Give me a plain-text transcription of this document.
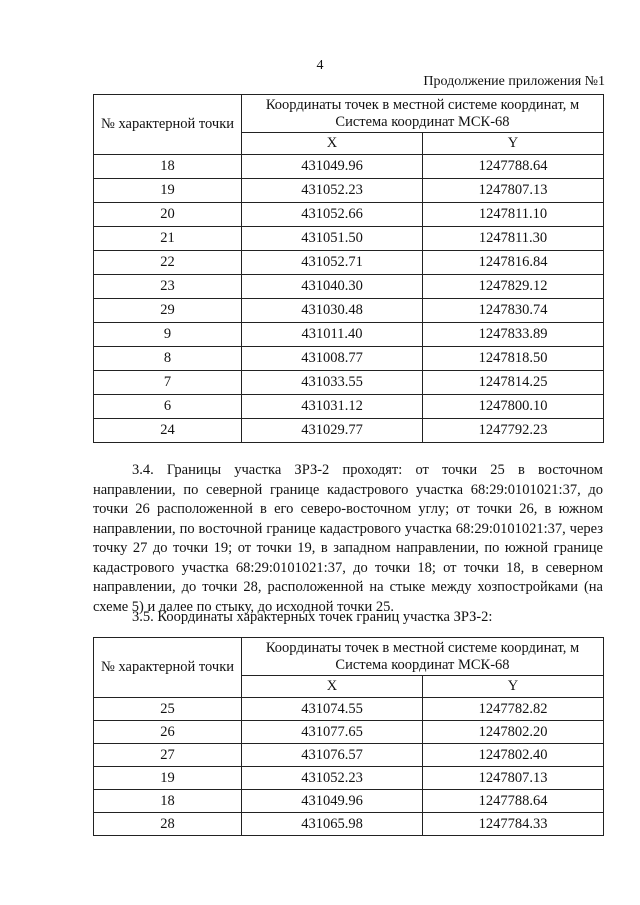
4
Продолжение приложения №1
№ характерной точки	Координаты точек в местной системе координат, м Система координат МСК-68	
	X	Y
18	431049.96	1247788.64
19	431052.23	1247807.13
20	431052.66	1247811.10
21	431051.50	1247811.30
22	431052.71	1247816.84
23	431040.30	1247829.12
29	431030.48	1247830.74
9	431011.40	1247833.89
8	431008.77	1247818.50
7	431033.55	1247814.25
6	431031.12	1247800.10
24	431029.77	1247792.23
3.4. Границы участка ЗРЗ-2 проходят: от точки 25 в восточном направлении, по северной границе кадастрового участка 68:29:0101021:37, до точки 26 расположенной в его северо-восточном углу; от точки 26, в южном направлении, по восточной границе кадастрового участка 68:29:0101021:37, через точку 27 до точки 19; от точки 19, в западном направлении, по южной границе кадастрового участка 68:29:0101021:37, до точки 18; от точки 18, в северном направлении, до точки 28, расположенной на стыке между хозпостройками (на схеме 5) и далее по стыку, до исходной точки 25.
3.5. Координаты характерных точек границ участка ЗРЗ-2:
№ характерной точки	Координаты точек в местной системе координат, м Система координат МСК-68	
	X	Y
25	431074.55	1247782.82
26	431077.65	1247802.20
27	431076.57	1247802.40
19	431052.23	1247807.13
18	431049.96	1247788.64
28	431065.98	1247784.33
